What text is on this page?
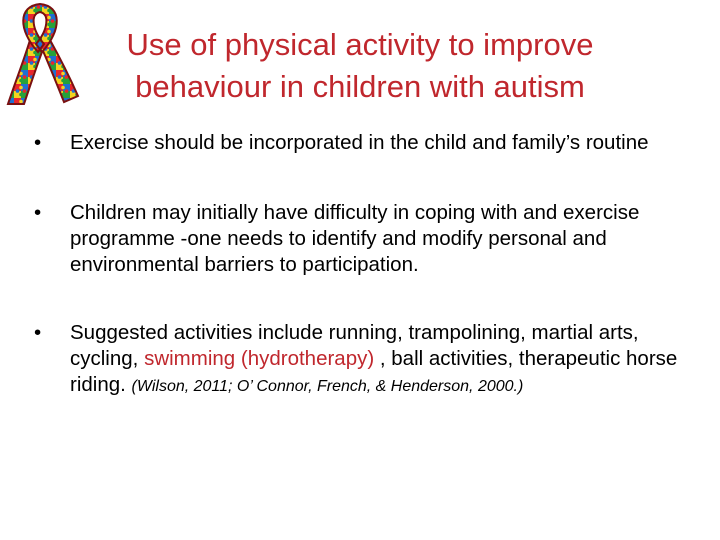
Use of physical activity to improve
behaviour in children with autism
•	Exercise should be incorporated in the child and family’s routine
•	Children may initially have difficulty in coping with and exercise programme -one needs to identify and modify personal and environmental barriers to participation.
•	Suggested activities include running, trampolining, martial arts, cycling, swimming (hydrotherapy) , ball activities, therapeutic horse riding. (Wilson, 2011; O’ Connor, French, & Henderson, 2000.)
